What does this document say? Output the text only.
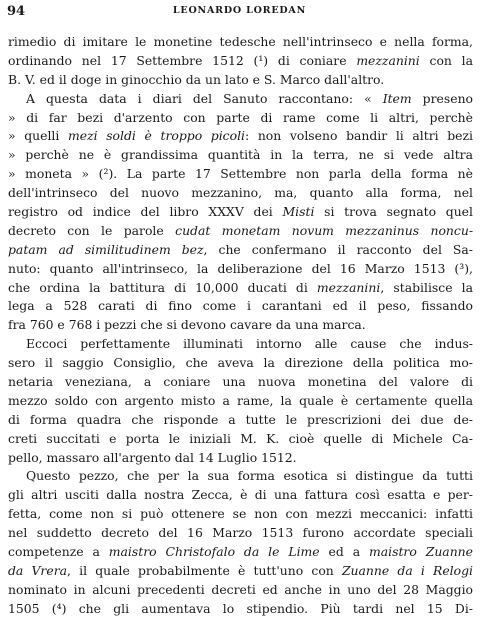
94	LEONARDO LOREDAN
rimedio di imitare le monetine tedesche nell'intrinseco e nella forma,
ordinando nel 17 Settembre 1512 (¹) di coniare mezzanini con la
B. V. ed il doge in ginocchio da un lato e S. Marco dall'altro.
A questa data i diari del Sanuto raccontano: « Item preseno
» di far bezi d'arzento con parte di rame come li altri, perchè
» quelli mezi soldi è troppo picoli: non volseno bandir li altri bezi
» perchè ne è grandissima quantità in la terra, ne si vede altra
» moneta » (²). La parte 17 Settembre non parla della forma nè
dell'intrinseco del nuovo mezzanino, ma, quanto alla forma, nel
registro od indice del libro XXXV dei Misti si trova segnato quel
decreto con le parole cudat monetam novum mezzaninus noncu-
patam ad similitudinem bez, che confermano il racconto del Sa-
nuto: quanto all'intrinseco, la deliberazione del 16 Marzo 1513 (³),
che ordina la battitura di 10,000 ducati di mezzanini, stabilisce la
lega a 528 carati di fino come i carantani ed il peso, fissando
fra 760 e 768 i pezzi che si devono cavare da una marca.
Eccoci perfettamente illuminati intorno alle cause che indus-
sero il saggio Consiglio, che aveva la direzione della politica mo-
netaria veneziana, a coniare una nuova monetina del valore di
mezzo soldo con argento misto a rame, la quale è certamente quella
di forma quadra che risponde a tutte le prescrizioni dei due de-
creti succitati e porta le iniziali M. K. cioè quelle di Michele Ca-
pello, massaro all'argento dal 14 Luglio 1512.
Questo pezzo, che per la sua forma esotica si distingue da tutti
gli altri usciti dalla nostra Zecca, è di una fattura così esatta e per-
fetta, come non si può ottenere se non con mezzi meccanici: infatti
nel suddetto decreto del 16 Marzo 1513 furono accordate speciali
competenze a maistro Christofalo da le Lime ed a maistro Zuanne
da Vrera, il quale probabilmente è tutt'uno con Zuanne da i Relogi
nominato in alcuni precedenti decreti ed anche in uno del 28 Maggio
1505 (⁴) che gli aumentava lo stipendio. Più tardi nel 15 Di-
